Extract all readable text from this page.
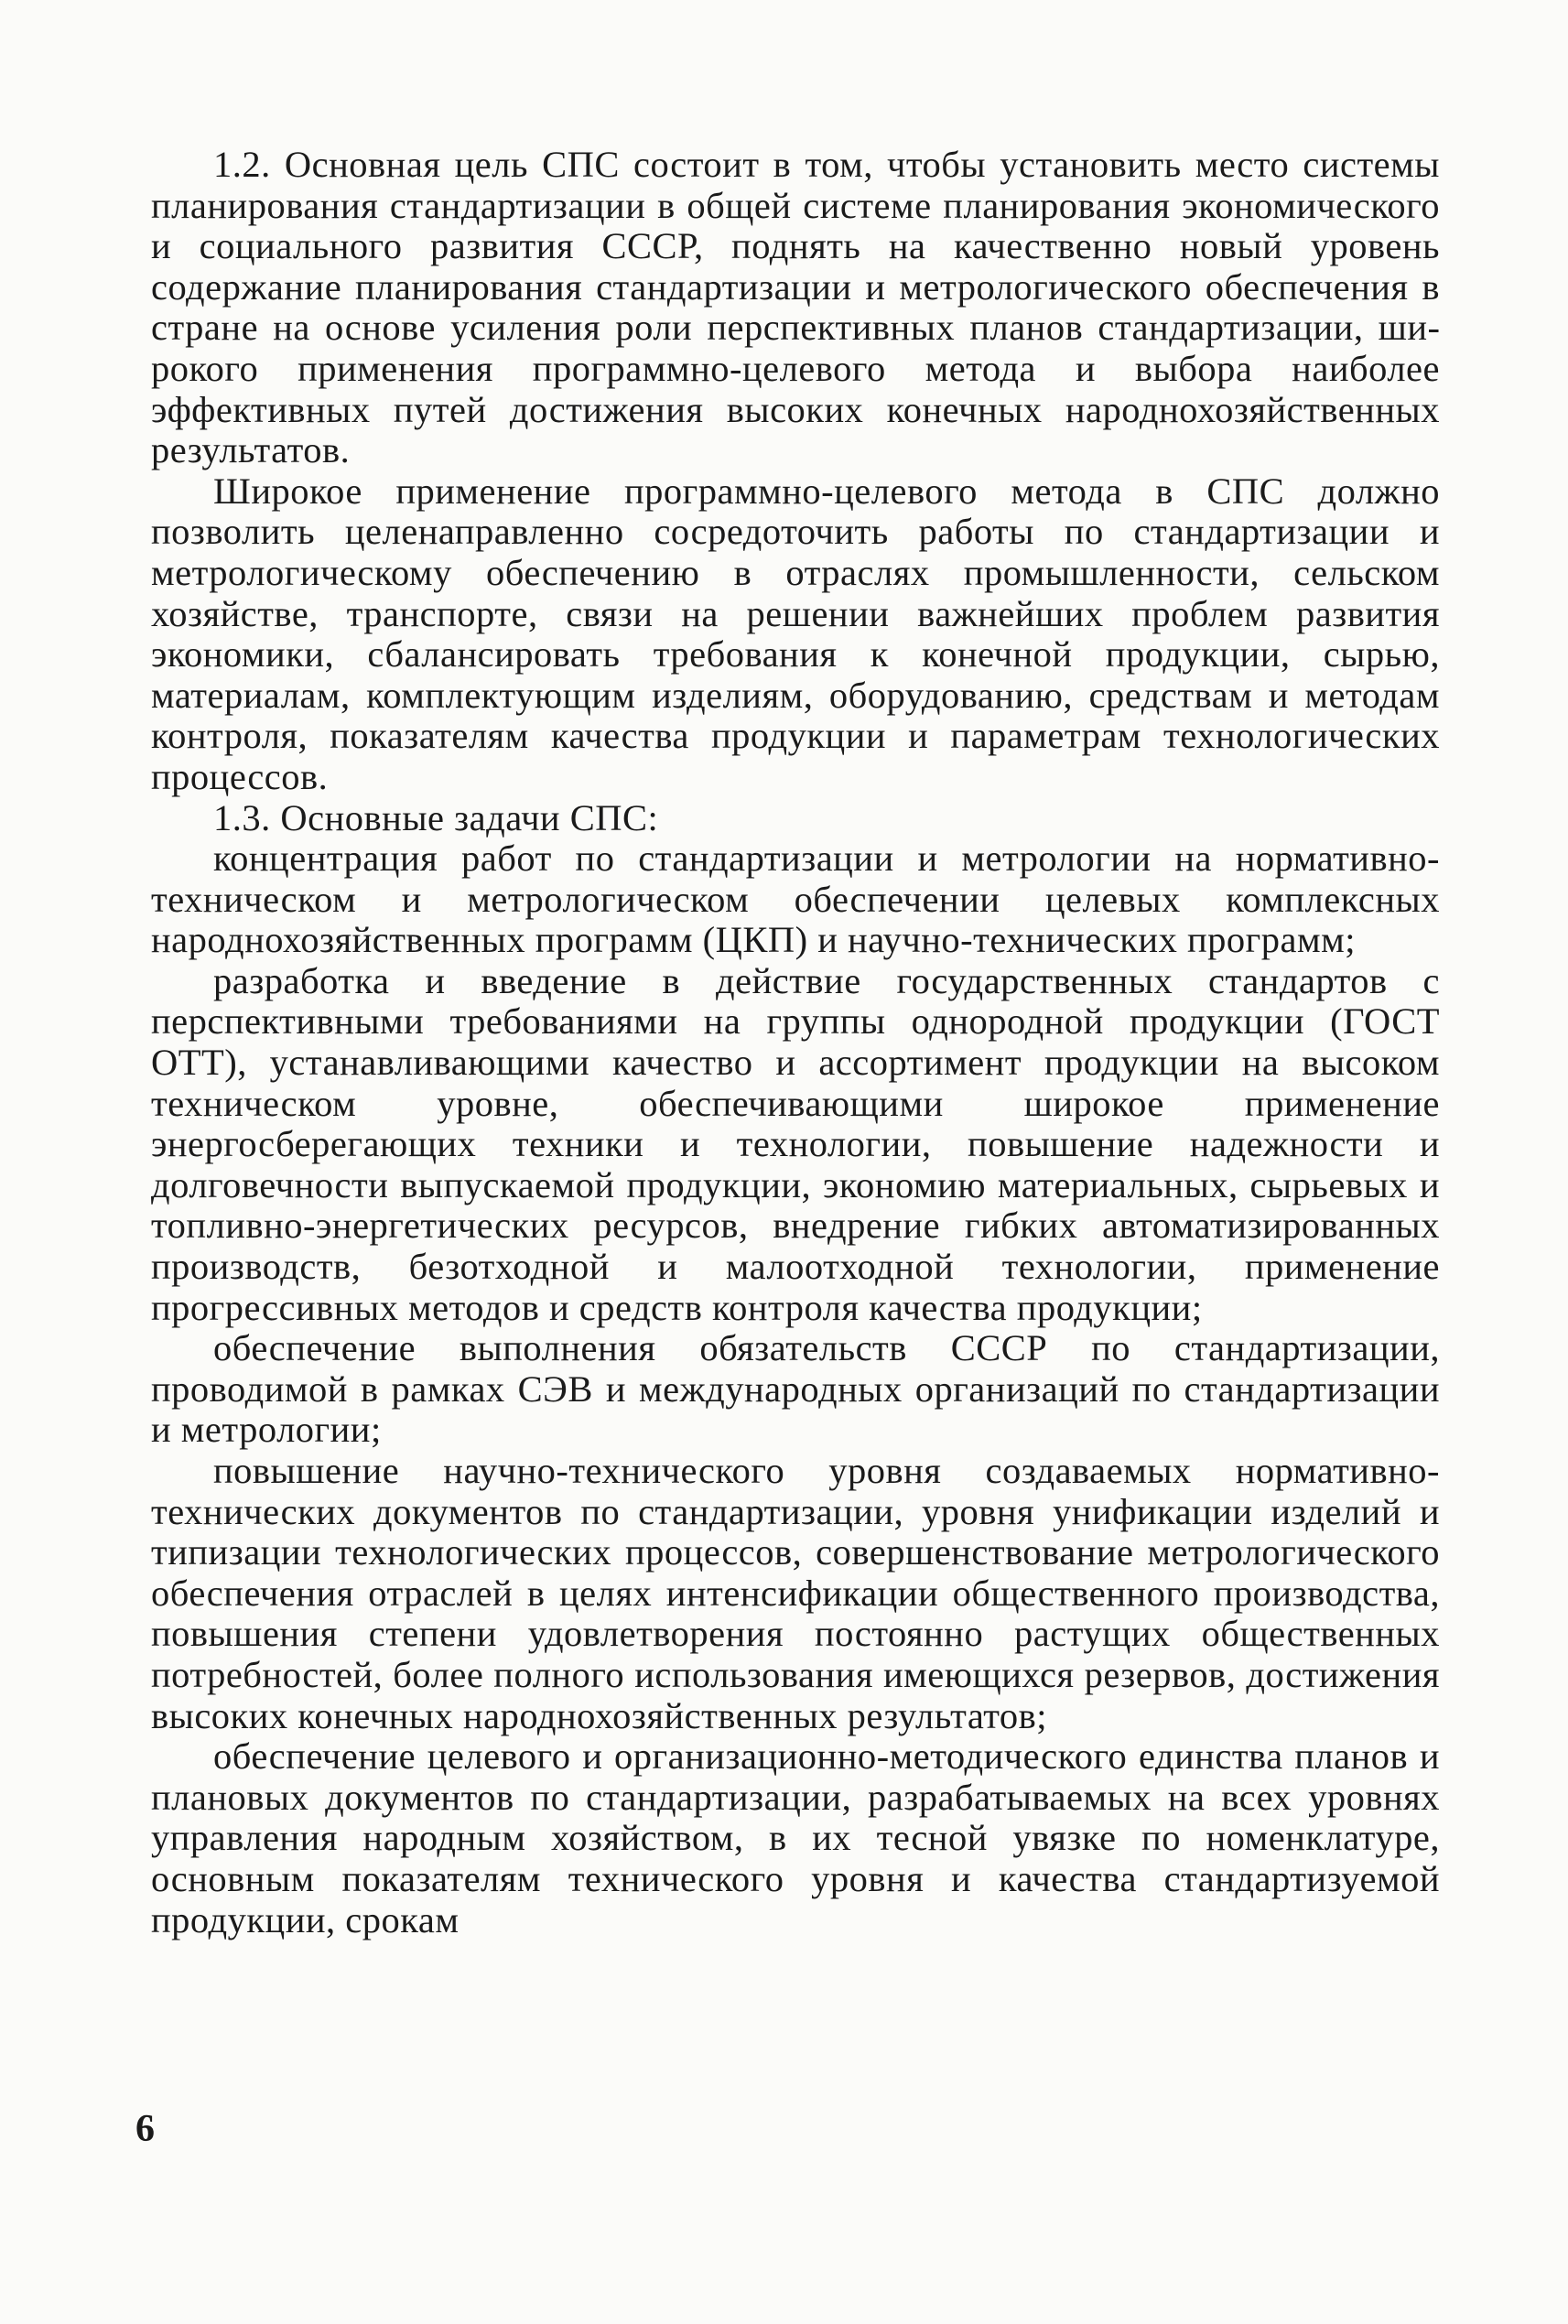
1.2. Основная цель СПС состоит в том, чтобы установить место системы планирования стандартизации в общей системе планирования экономического и социального развития СССР, поднять на качественно новый уровень содержание планирования стандартизации и метрологического обеспечения в стране на основе усиления роли перспективных планов стандартизации, широкого применения программно-целевого метода и выбора наиболее эффективных путей достижения высоких конечных народнохозяйственных результатов.

Широкое применение программно-целевого метода в СПС должно позволить целенаправленно сосредоточить работы по стандартизации и метрологическому обеспечению в отраслях промышленности, сельском хозяйстве, транспорте, связи на решении важнейших проблем развития экономики, сбалансировать требования к конечной продукции, сырью, материалам, комплектующим изделиям, оборудованию, средствам и методам контроля, показателям качества продукции и параметрам технологических процессов.

1.3. Основные задачи СПС:

концентрация работ по стандартизации и метрологии на нормативно-техническом и метрологическом обеспечении целевых комплексных народнохозяйственных программ (ЦКП) и научно-технических программ;

разработка и введение в действие государственных стандартов с перспективными требованиями на группы однородной продукции (ГОСТ ОТТ), устанавливающими качество и ассортимент продукции на высоком техническом уровне, обеспечивающими широкое применение энергосберегающих техники и технологии, повышение надежности и долговечности выпускаемой продукции, экономию материальных, сырьевых и топливно-энергетических ресурсов, внедрение гибких автоматизированных производств, безотходной и малоотходной технологии, применение прогрессивных методов и средств контроля качества продукции;

обеспечение выполнения обязательств СССР по стандартизации, проводимой в рамках СЭВ и международных организаций по стандартизации и метрологии;

повышение научно-технического уровня создаваемых нормативно-технических документов по стандартизации, уровня унификации изделий и типизации технологических процессов, совершенствование метрологического обеспечения отраслей в целях интенсификации общественного производства, повышения степени удовлетворения постоянно растущих общественных потребностей, более полного использования имеющихся резервов, достижения высоких конечных народнохозяйственных результатов;

обеспечение целевого и организационно-методического единства планов и плановых документов по стандартизации, разрабатываемых на всех уровнях управления народным хозяйством, в их тесной увязке по номенклатуре, основным показателям технического уровня и качества стандартизуемой продукции, срокам

6
